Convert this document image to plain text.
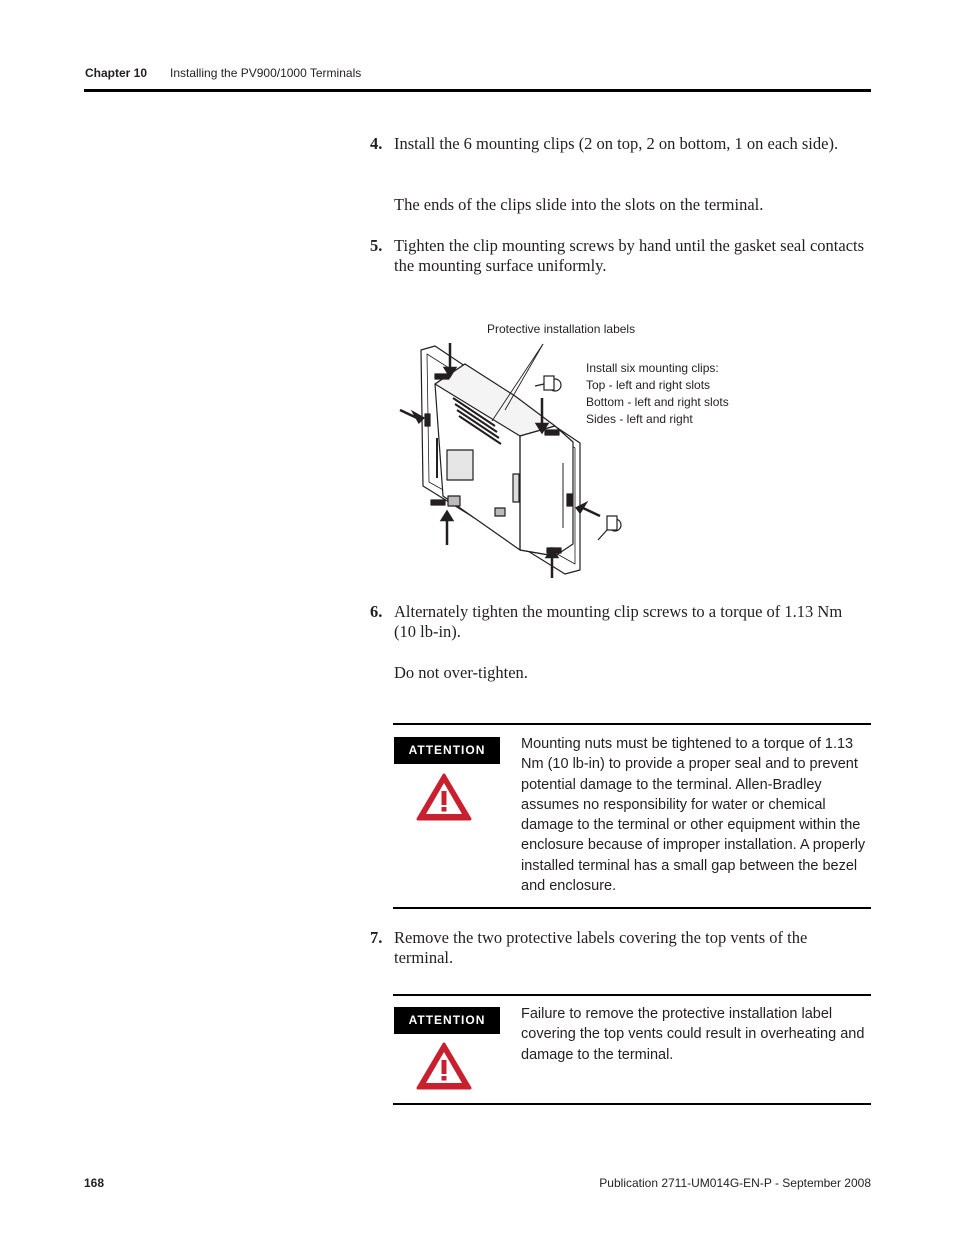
Chapter 10 Installing the PV900/1000 Terminals
4. Install the 6 mounting clips (2 on top, 2 on bottom, 1 on each side).
The ends of the clips slide into the slots on the terminal.
5. Tighten the clip mounting screws by hand until the gasket seal contacts the mounting surface uniformly.
Protective installation labels
Install six mounting clips:
Top - left and right slots
Bottom - left and right slots
Sides - left and right
6. Alternately tighten the mounting clip screws to a torque of 1.13 Nm (10 lb-in).
Do not over-tighten.
ATTENTION	Mounting nuts must be tightened to a torque of 1.13 Nm (10 lb-in) to provide a proper seal and to prevent potential damage to the terminal. Allen-Bradley assumes no responsibility for water or chemical damage to the terminal or other equipment within the enclosure because of improper installation. A properly installed terminal has a small gap between the bezel and enclosure.
7. Remove the two protective labels covering the top vents of the terminal.
ATTENTION	Failure to remove the protective installation label covering the top vents could result in overheating and damage to the terminal.
168	Publication 2711-UM014G-EN-P - September 2008
